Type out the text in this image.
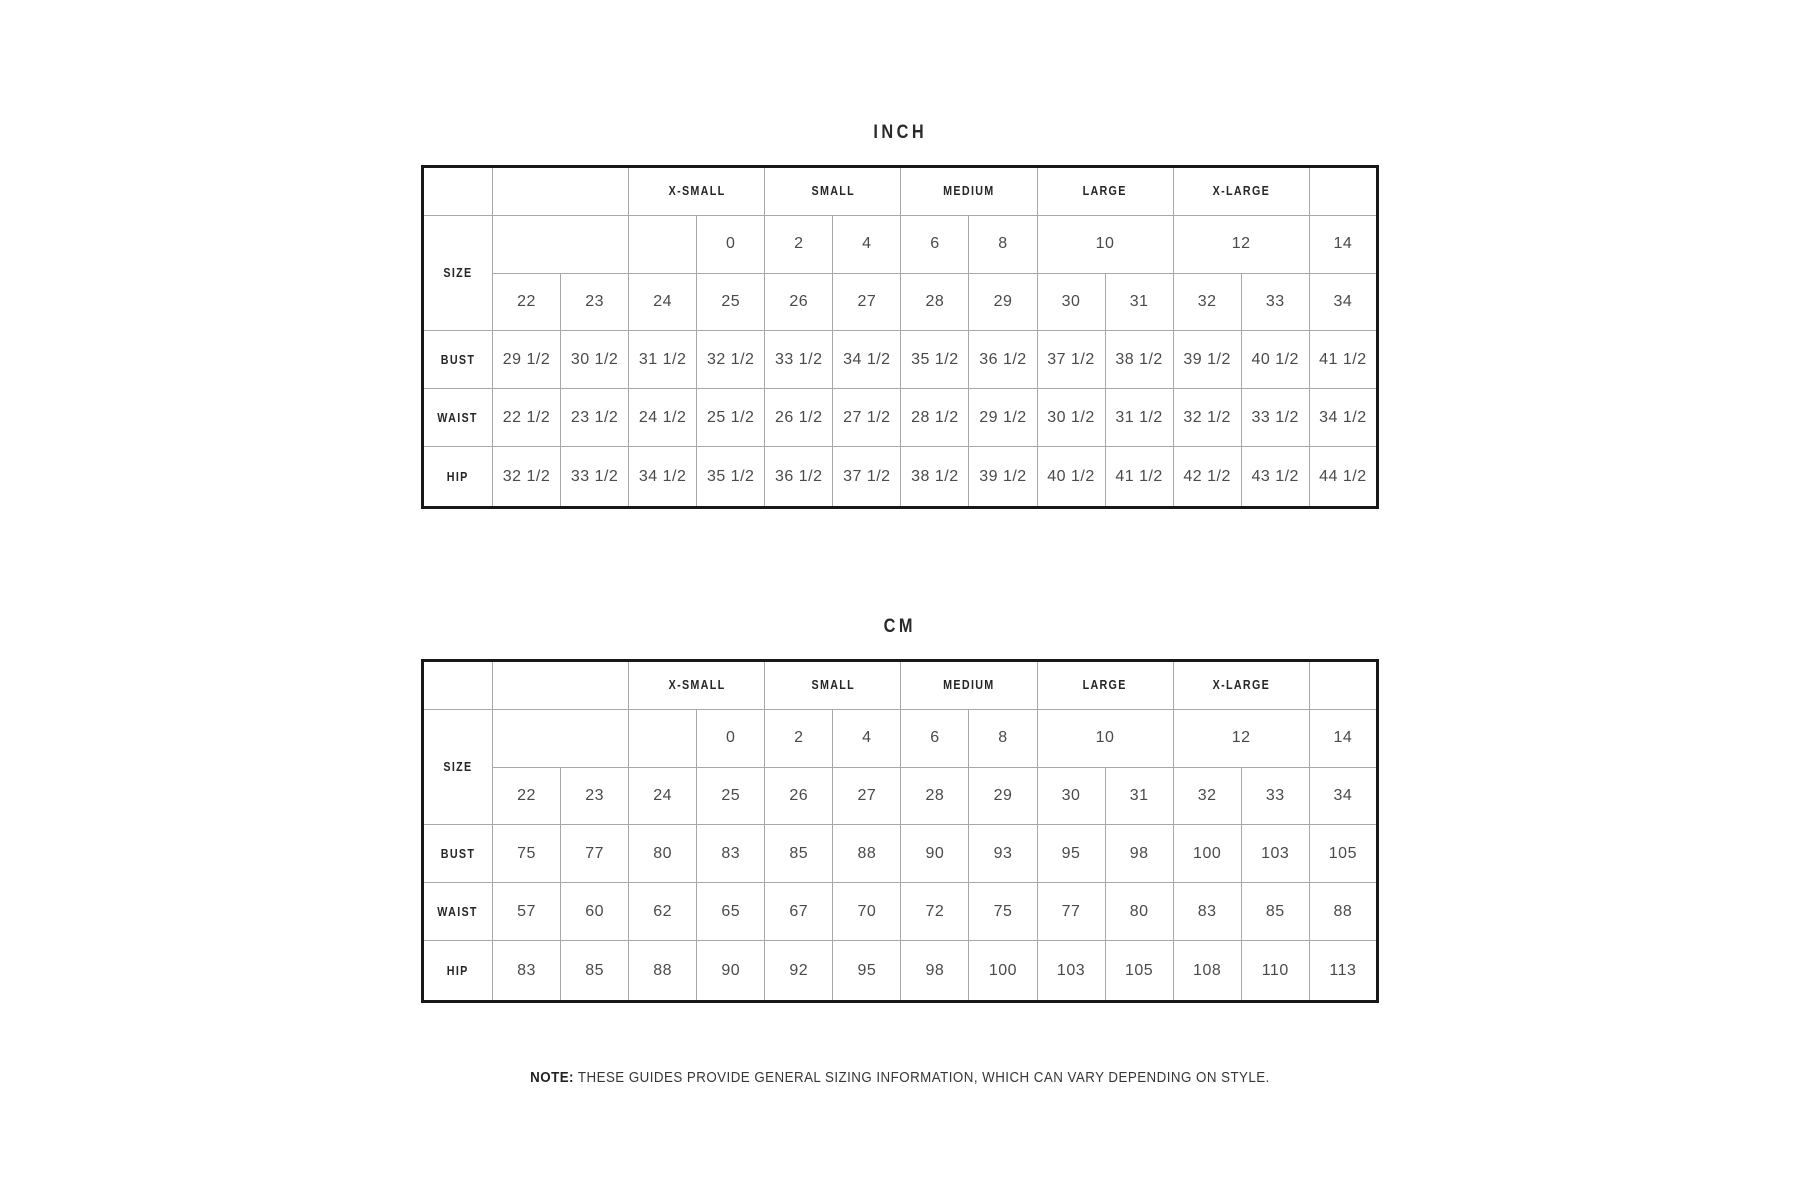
INCH
			X-SMALL		SMALL		MEDIUM		LARGE		X-LARGE		
SIZE				0	2	4	6	8	10		12		14
	22	23	24	25	26	27	28	29	30	31	32	33	34
BUST	29 1/2	30 1/2	31 1/2	32 1/2	33 1/2	34 1/2	35 1/2	36 1/2	37 1/2	38 1/2	39 1/2	40 1/2	41 1/2
WAIST	22 1/2	23 1/2	24 1/2	25 1/2	26 1/2	27 1/2	28 1/2	29 1/2	30 1/2	31 1/2	32 1/2	33 1/2	34 1/2
HIP	32 1/2	33 1/2	34 1/2	35 1/2	36 1/2	37 1/2	38 1/2	39 1/2	40 1/2	41 1/2	42 1/2	43 1/2	44 1/2
CM
			X-SMALL		SMALL		MEDIUM		LARGE		X-LARGE		
SIZE				0	2	4	6	8	10		12		14
	22	23	24	25	26	27	28	29	30	31	32	33	34
BUST	75	77	80	83	85	88	90	93	95	98	100	103	105
WAIST	57	60	62	65	67	70	72	75	77	80	83	85	88
HIP	83	85	88	90	92	95	98	100	103	105	108	110	113
NOTE: THESE GUIDES PROVIDE GENERAL SIZING INFORMATION, WHICH CAN VARY DEPENDING ON STYLE.
